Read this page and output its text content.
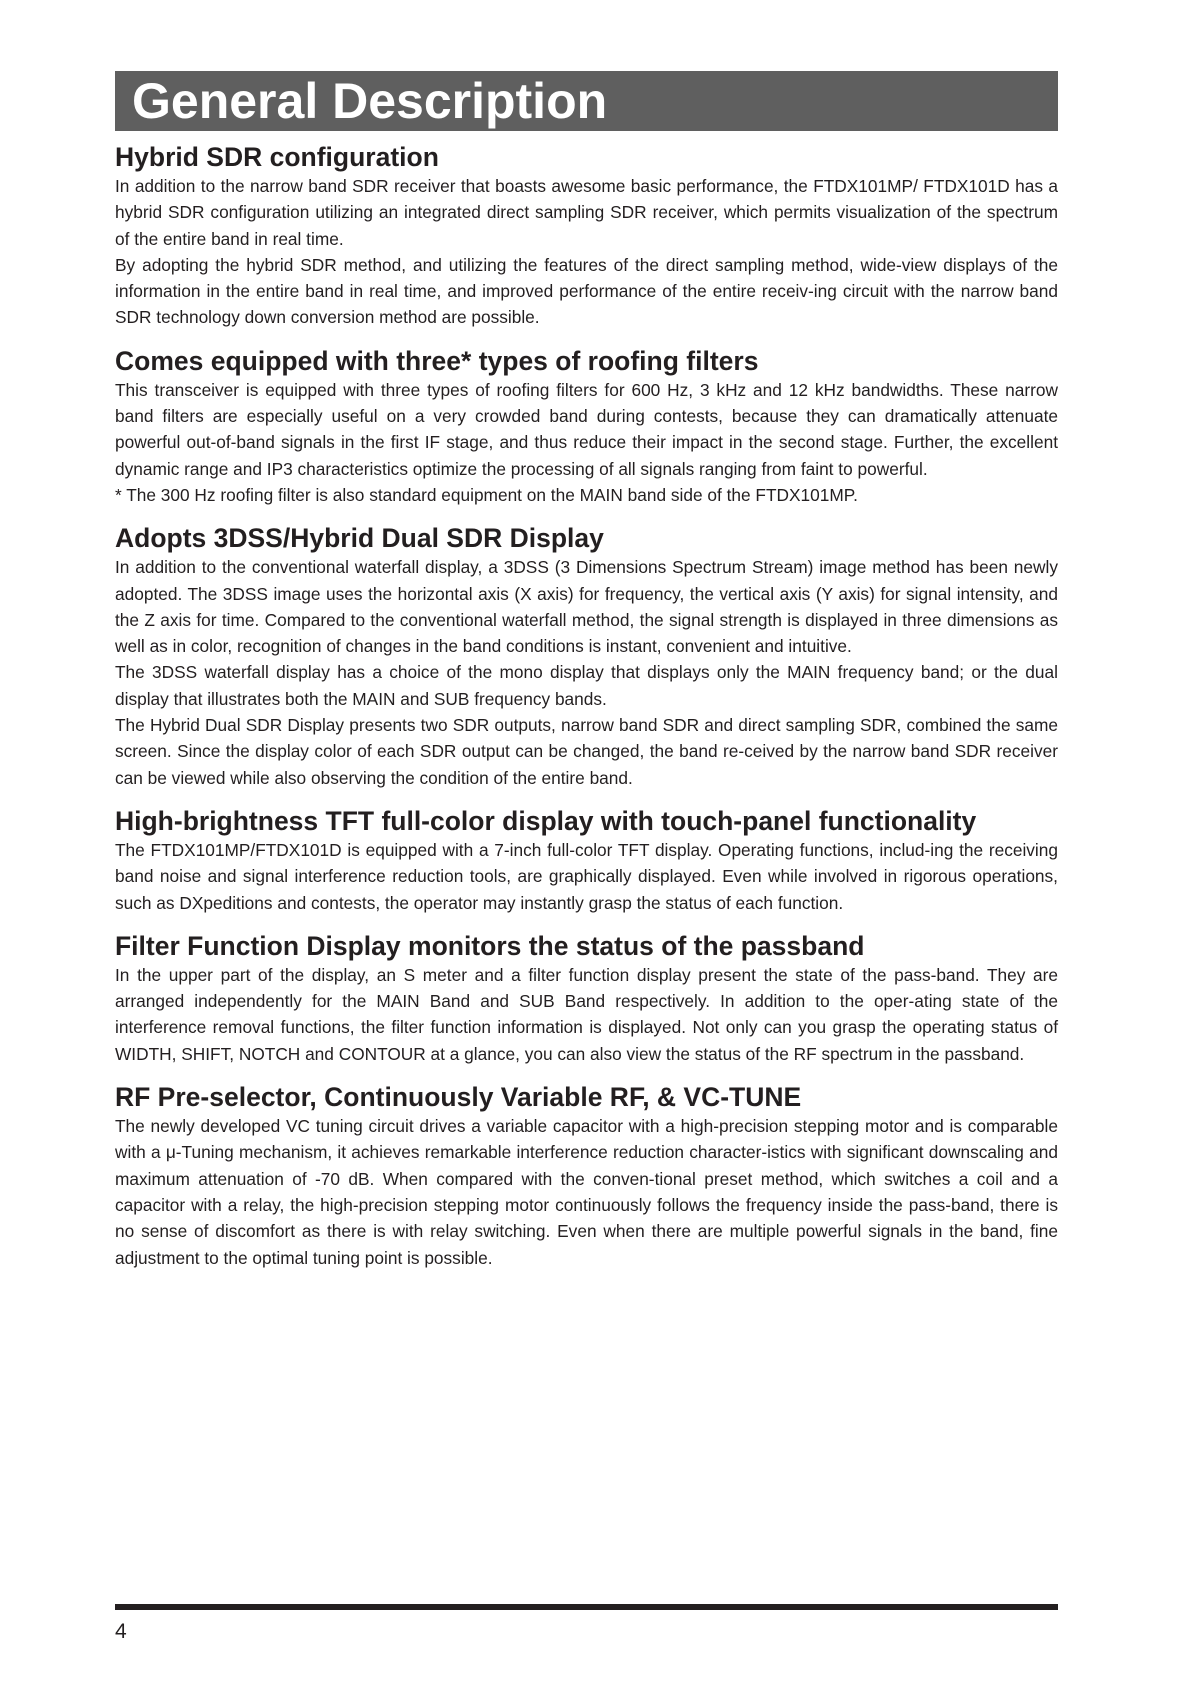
General Description
Hybrid SDR configuration

In addition to the narrow band SDR receiver that boasts awesome basic performance, the FTDX101MP/ FTDX101D has a hybrid SDR configuration utilizing an integrated direct sampling SDR receiver, which permits visualization of the spectrum of the entire band in real time.

By adopting the hybrid SDR method, and utilizing the features of the direct sampling method, wide-view displays of the information in the entire band in real time, and improved performance of the entire receiv-ing circuit with the narrow band SDR technology down conversion method are possible.

Comes equipped with three* types of roofing filters

This transceiver is equipped with three types of roofing filters for 600 Hz, 3 kHz and 12 kHz bandwidths. These narrow band filters are especially useful on a very crowded band during contests, because they can dramatically attenuate powerful out-of-band signals in the first IF stage, and thus reduce their impact in the second stage. Further, the excellent dynamic range and IP3 characteristics optimize the processing of all signals ranging from faint to powerful.

* The 300 Hz roofing filter is also standard equipment on the MAIN band side of the FTDX101MP.

Adopts 3DSS/Hybrid Dual SDR Display

In addition to the conventional waterfall display, a 3DSS (3 Dimensions Spectrum Stream) image method has been newly adopted. The 3DSS image uses the horizontal axis (X axis) for frequency, the vertical axis (Y axis) for signal intensity, and the Z axis for time. Compared to the conventional waterfall method, the signal strength is displayed in three dimensions as well as in color, recognition of changes in the band conditions is instant, convenient and intuitive.

The 3DSS waterfall display has a choice of the mono display that displays only the MAIN frequency band; or the dual display that illustrates both the MAIN and SUB frequency bands.

The Hybrid Dual SDR Display presents two SDR outputs, narrow band SDR and direct sampling SDR, combined the same screen. Since the display color of each SDR output can be changed, the band re-ceived by the narrow band SDR receiver can be viewed while also observing the condition of the entire band.

High-brightness TFT full-color display with touch-panel functionality

The FTDX101MP/FTDX101D is equipped with a 7-inch full-color TFT display. Operating functions, includ-ing the receiving band noise and signal interference reduction tools, are graphically displayed. Even while involved in rigorous operations, such as DXpeditions and contests, the operator may instantly grasp the status of each function.

Filter Function Display monitors the status of the passband

In the upper part of the display, an S meter and a filter function display present the state of the pass-band. They are arranged independently for the MAIN Band and SUB Band respectively. In addition to the oper-ating state of the interference removal functions, the filter function information is displayed. Not only can you grasp the operating status of WIDTH, SHIFT, NOTCH and CONTOUR at a glance, you can also view the status of the RF spectrum in the passband.

RF Pre-selector, Continuously Variable RF, & VC-TUNE

The newly developed VC tuning circuit drives a variable capacitor with a high-precision stepping motor and is comparable with a μ-Tuning mechanism, it achieves remarkable interference reduction character-istics with significant downscaling and maximum attenuation of -70 dB. When compared with the conven-tional preset method, which switches a coil and a capacitor with a relay, the high-precision stepping motor continuously follows the frequency inside the pass-band, there is no sense of discomfort as there is with relay switching. Even when there are multiple powerful signals in the band, fine adjustment to the optimal tuning point is possible.

4
